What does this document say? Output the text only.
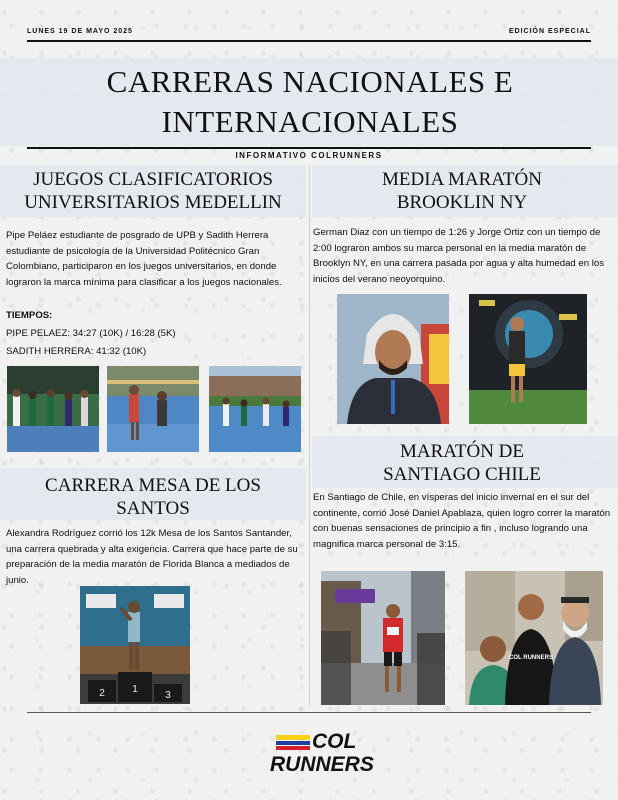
LUNES 19 DE MAYO 2025	EDICIÓN ESPECIAL
CARRERAS NACIONALES E
INTERNACIONALES
INFORMATIVO COLRUNNERS
JUEGOS CLASIFICATORIOS
UNIVERSITARIOS MEDELLIN
Pipe Peláez estudiante de posgrado de UPB y Sadith Herrera estudiante de psicología de la Universidad Politécnico Gran Colombiano, participaron en los juegos universitarios, en donde lograron la marca mínima para clasificar a los juegos nacionales.
TIEMPOS:
PIPE PELAEZ: 34:27 (10K) / 16:28 (5K)
SADITH HERRERA: 41:32 (10K)
CARRERA MESA DE LOS
SANTOS
Alexandra Rodríguez corrió los 12k Mesa de los Santos Santander, una carrera quebrada y alta exigencia. Carrera que hace parte de su preparación de la media maratón de Florida Blanca a mediados de junio.
2	1
3
MEDIA MARATÓN
BROOKLIN NY
German Diaz con un tiempo de 1:26 y Jorge Ortiz con un tiempo de 2:00 lograron ambos su marca personal en la media maratón de Brooklyn NY, en una carrera pasada por agua y alta humedad en los inicios del verano neoyorquino.
MARATÓN DE
SANTIAGO CHILE
En Santiago de Chile, en vísperas del inicio invernal en el sur del continente, corrió José Daniel Apablaza, quien logro correr la maratón con buenas sensaciones de principio a fin , incluso logrando una magnifica marca personal de 3:15.
COL RUNNERS
COL
RUNNERS
